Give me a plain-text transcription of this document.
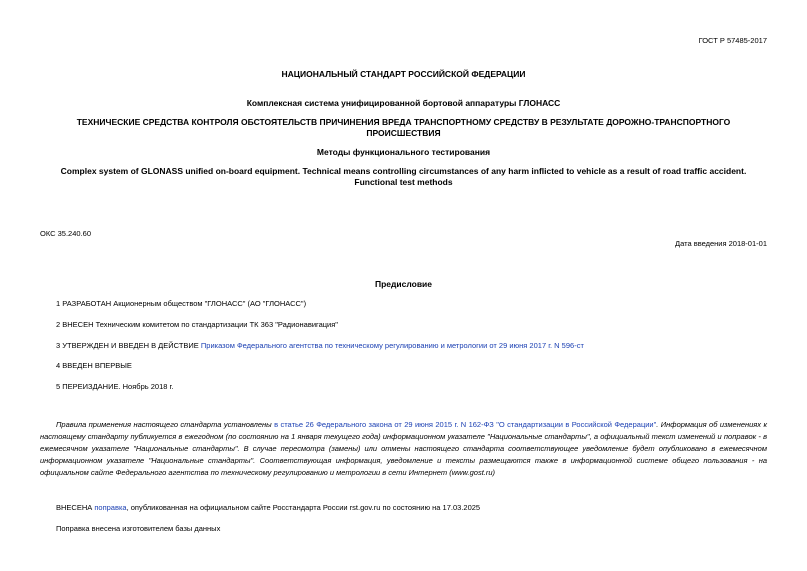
ГОСТ Р 57485-2017
НАЦИОНАЛЬНЫЙ СТАНДАРТ РОССИЙСКОЙ ФЕДЕРАЦИИ
Комплексная система унифицированной бортовой аппаратуры ГЛОНАСС
ТЕХНИЧЕСКИЕ СРЕДСТВА КОНТРОЛЯ ОБСТОЯТЕЛЬСТВ ПРИЧИНЕНИЯ ВРЕДА ТРАНСПОРТНОМУ СРЕДСТВУ В РЕЗУЛЬТАТЕ ДОРОЖНО-ТРАНСПОРТНОГО ПРОИСШЕСТВИЯ
Методы функционального тестирования
Complex system of GLONASS unified on-board equipment. Technical means controlling circumstances of any harm inflicted to vehicle as a result of road traffic accident. Functional test methods
ОКС 35.240.60
Дата введения 2018-01-01
Предисловие
1 РАЗРАБОТАН Акционерным обществом "ГЛОНАСС" (АО "ГЛОНАСС")
2 ВНЕСЕН Техническим комитетом по стандартизации ТК 363 "Радионавигация"
3 УТВЕРЖДЕН И ВВЕДЕН В ДЕЙСТВИЕ Приказом Федерального агентства по техническому регулированию и метрологии от 29 июня 2017 г. N 596-ст
4 ВВЕДЕН ВПЕРВЫЕ
5 ПЕРЕИЗДАНИЕ. Ноябрь 2018 г.
Правила применения настоящего стандарта установлены в статье 26 Федерального закона от 29 июня 2015 г. N 162-ФЗ "О стандартизации в Российской Федерации". Информация об изменениях к настоящему стандарту публикуется в ежегодном (по состоянию на 1 января текущего года) информационном указателе "Национальные стандарты", а официальный текст изменений и поправок - в ежемесячном указателе "Национальные стандарты". В случае пересмотра (замены) или отмены настоящего стандарта соответствующее уведомление будет опубликовано в ежемесячном информационном указателе "Национальные стандарты". Соответствующая информация, уведомление и тексты размещаются также в информационной системе общего пользования - на официальном сайте Федерального агентства по техническому регулированию и метрологии в сети Интернет (www.gost.ru)
ВНЕСЕНА поправка, опубликованная на официальном сайте Росстандарта России rst.gov.ru по состоянию на 17.03.2025
Поправка внесена изготовителем базы данных
